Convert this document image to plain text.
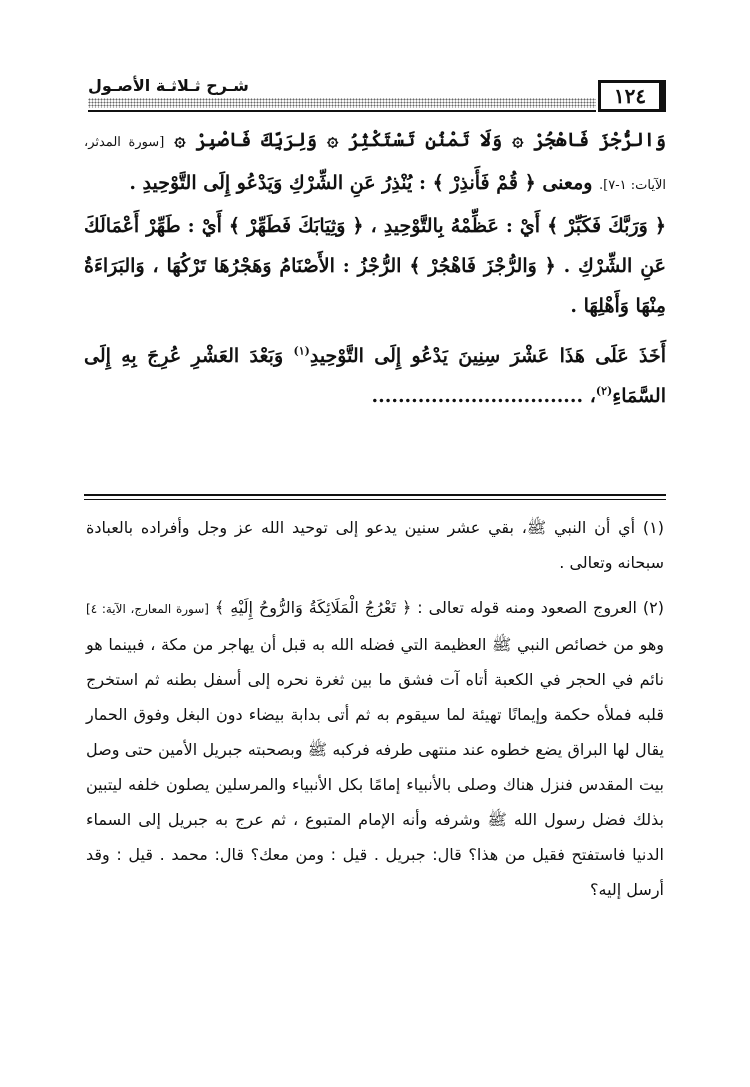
١٢٤
شـرح ثـلاثـة الأصـول

وَالرُّجْزَ فَاهْجُرْ ۞ وَلَا تَمْنُن تَسْتَكْثِرُ ۞ وَلِرَبِّكَ فَاصْبِرْ ۞ [سورة المدثر، الآيات: ١-٧]. ومعنى ﴿ قُمْ فَأَنذِرْ ﴾ : يُنْذِرُ عَنِ الشِّرْكِ وَيَدْعُو إِلَى التَّوْحِيدِ .

﴿ وَرَبَّكَ فَكَبِّرْ ﴾ أَيْ : عَظِّمْهُ بِالتَّوْحِيدِ ، ﴿ وَثِيَابَكَ فَطَهِّرْ ﴾ أَيْ : طَهِّرْ أَعْمَالَكَ عَنِ الشِّرْكِ . ﴿ وَالرُّجْزَ فَاهْجُرْ ﴾ الرُّجْزُ : الأَصْنَامُ وَهَجْرُهَا تَرْكُهَا ، وَالبَرَاءَةُ مِنْهَا وَأَهْلِهَا .

أَخَذَ عَلَى هَذَا عَشْرَ سِنِينَ يَدْعُو إِلَى التَّوْحِيدِ$^{(١)}$ وَبَعْدَ العَشْرِ عُرِجَ بِهِ إِلَى السَّمَاءِ$^{(٢)}$، ................................

(١) أي أن النبي ﷺ، بقي عشر سنين يدعو إلى توحيد الله عز وجل وأفراده بالعبادة سبحانه وتعالى .

(٢) العروج الصعود ومنه قوله تعالى : ﴿ تَعْرُجُ الْمَلَائِكَةُ وَالرُّوحُ إِلَيْهِ ﴾ [سورة المعارج، الآية: ٤] وهو من خصائص النبي ﷺ العظيمة التي فضله الله به قبل أن يهاجر من مكة ، فبينما هو نائم في الحجر في الكعبة أتاه آت فشق ما بين ثغرة نحره إلى أسفل بطنه ثم استخرج قلبه فملأه حكمة وإيمانًا تهيئة لما سيقوم به ثم أتى بدابة بيضاء دون البغل وفوق الحمار يقال لها البراق يضع خطوه عند منتهى طرفه فركبه ﷺ وبصحبته جبريل الأمين حتى وصل بيت المقدس فنزل هناك وصلى بالأنبياء إمامًا بكل الأنبياء والمرسلين يصلون خلفه ليتبين بذلك فضل رسول الله ﷺ وشرفه وأنه الإمام المتبوع ، ثم عرج به جبريل إلى السماء الدنيا فاستفتح فقيل من هذا؟ قال: جبريل . قيل : ومن معك؟ قال: محمد . قيل : وقد أرسل إليه؟
